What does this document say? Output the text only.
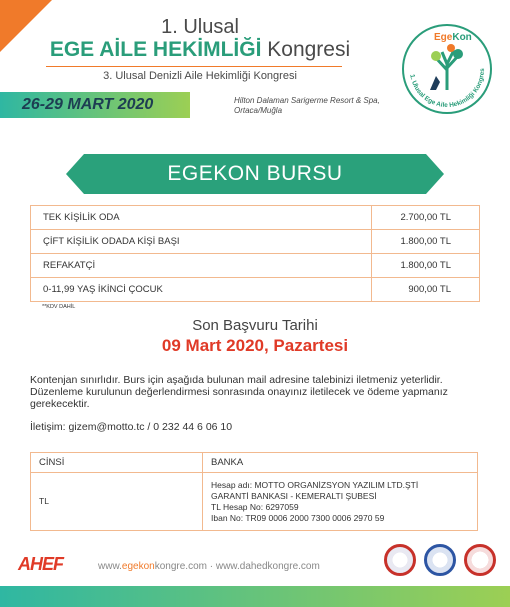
1. Ulusal
EGE AİLE HEKİMLİĞİ Kongresi
3. Ulusal Denizli Aile Hekimliği Kongresi
26-29 MART 2020	Hilton Dalaman Sarigerme Resort & Spa, Ortaca/Muğla
EgeKon
1. Ulusal Ege Aile Hekimliği Kongres
EGEKON BURSU
TEK KİŞİLİK ODA	2.700,00 TL
ÇİFT KİŞİLİK ODADA KİŞİ BAŞI	1.800,00 TL
REFAKATÇİ	1.800,00 TL
0-11,99 YAŞ İKİNCİ ÇOCUK	900,00 TL
**KDV DAHİL
Son Başvuru Tarihi
09 Mart 2020, Pazartesi
Kontenjan sınırlıdır. Burs için aşağıda bulunan mail adresine talebinizi iletmeniz yeterlidir. Düzenleme kurulunun değerlendirmesi sonrasında onayınız iletilecek ve ödeme yapmanız gerekecektir.
İletişim: gizem@motto.tc / 0 232 44 6 06 10
CİNSİ	BANKA
TL	Hesap adı: MOTTO ORGANİZSYON YAZILIM LTD.ŞTİ
GARANTİ BANKASI - KEMERALTI ŞUBESİ
TL Hesap No: 6297059
Iban No: TR09 0006 2000 7300 0006 2970 59
AHEF	www.egekonkongre.com · www.dahedkongre.com
